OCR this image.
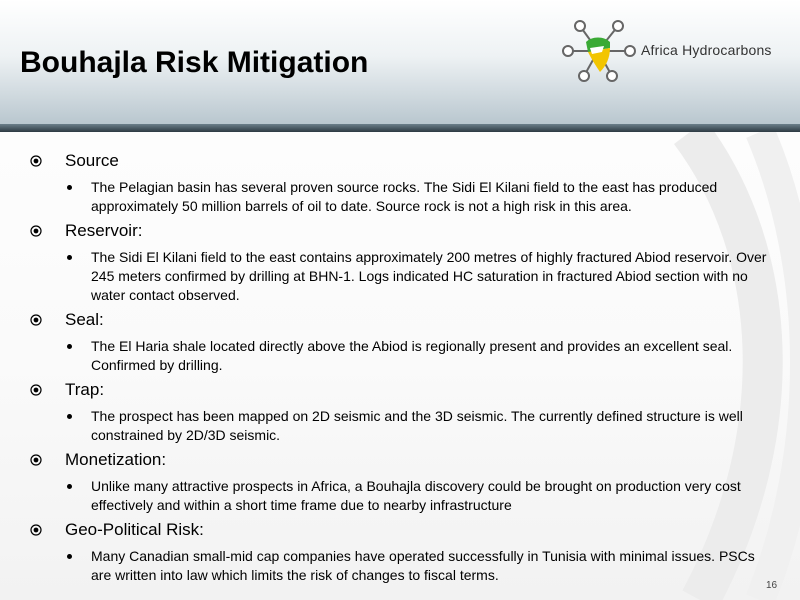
Bouhajla Risk Mitigation	Africa Hydrocarbons
Source
The Pelagian basin has several proven source rocks. The Sidi El Kilani field to the east has produced approximately 50 million barrels of oil to date. Source rock is not a high risk in this area.
Reservoir:
The Sidi El Kilani field to the east contains approximately 200 metres of highly fractured Abiod reservoir. Over 245 meters confirmed by drilling at BHN-1. Logs indicated HC saturation in fractured Abiod section with no water contact observed.
Seal:
The El Haria shale located directly above the Abiod is regionally present and provides an excellent seal. Confirmed by drilling.
Trap:
The prospect has been mapped on 2D seismic and the 3D seismic. The currently defined structure is well constrained by 2D/3D seismic.
Monetization:
Unlike many attractive prospects in Africa, a Bouhajla discovery could be brought on production very cost effectively and within a short time frame due to nearby infrastructure
Geo-Political Risk:
Many Canadian small-mid cap companies have operated successfully in Tunisia with minimal issues. PSCs are written into law which limits the risk of changes to fiscal terms.
16
